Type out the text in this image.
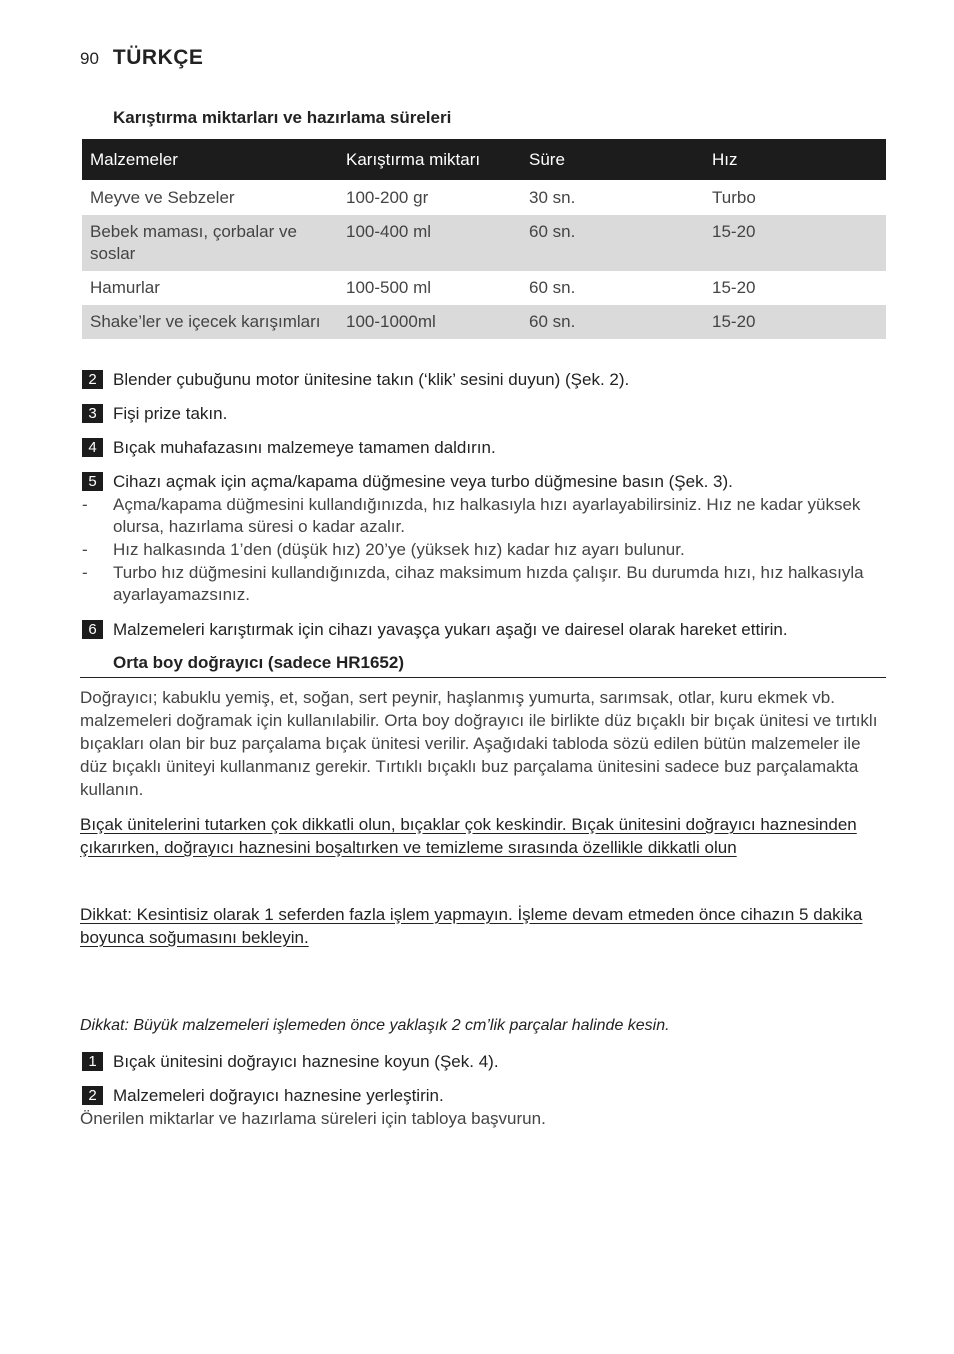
90 TÜRKÇE
Karıştırma miktarları ve hazırlama süreleri
Malzemeler	Karıştırma miktarı	Süre	Hız
Meyve ve Sebzeler	100-200 gr	30 sn.	Turbo
Bebek maması, çorbalar ve soslar	100-400 ml	60 sn.	15-20
Hamurlar	100-500 ml	60 sn.	15-20
Shake’ler ve içecek karışımları	100-1000ml	60 sn.	15-20
2 Blender çubuğunu motor ünitesine takın (‘klik’ sesini duyun) (Şek. 2).
3 Fişi prize takın.
4 Bıçak muhafazasını malzemeye tamamen daldırın.
5 Cihazı açmak için açma/kapama düğmesine veya turbo düğmesine basın (Şek. 3).
-	Açma/kapama düğmesini kullandığınızda, hız halkasıyla hızı ayarlayabilirsiniz. Hız ne kadar yüksek olursa, hazırlama süresi o kadar azalır.
-	Hız halkasında 1’den (düşük hız) 20’ye (yüksek hız) kadar hız ayarı bulunur.
-	Turbo hız düğmesini kullandığınızda, cihaz maksimum hızda çalışır. Bu durumda hızı, hız halkasıyla ayarlayamazsınız.
6 Malzemeleri karıştırmak için cihazı yavaşça yukarı aşağı ve dairesel olarak hareket ettirin.
Orta boy doğrayıcı (sadece HR1652)
Doğrayıcı; kabuklu yemiş, et, soğan, sert peynir, haşlanmış yumurta, sarımsak, otlar, kuru ekmek vb. malzemeleri doğramak için kullanılabilir. Orta boy doğrayıcı ile birlikte düz bıçaklı bir bıçak ünitesi ve tırtıklı bıçakları olan bir buz parçalama bıçak ünitesi verilir. Aşağıdaki tabloda sözü edilen bütün malzemeler ile düz bıçaklı üniteyi kullanmanız gerekir. Tırtıklı bıçaklı buz parçalama ünitesini sadece buz parçalamakta kullanın.
Bıçak ünitelerini tutarken çok dikkatli olun, bıçaklar çok keskindir. Bıçak ünitesini doğrayıcı haznesinden çıkarırken, doğrayıcı haznesini boşaltırken ve temizleme sırasında özellikle dikkatli olun
Dikkat: Kesintisiz olarak 1 seferden fazla işlem yapmayın. İşleme devam etmeden önce cihazın 5 dakika boyunca soğumasını bekleyin.
Dikkat: Büyük malzemeleri işlemeden önce yaklaşık 2 cm’lik parçalar halinde kesin.
1 Bıçak ünitesini doğrayıcı haznesine koyun (Şek. 4).
2 Malzemeleri doğrayıcı haznesine yerleştirin.
Önerilen miktarlar ve hazırlama süreleri için tabloya başvurun.
